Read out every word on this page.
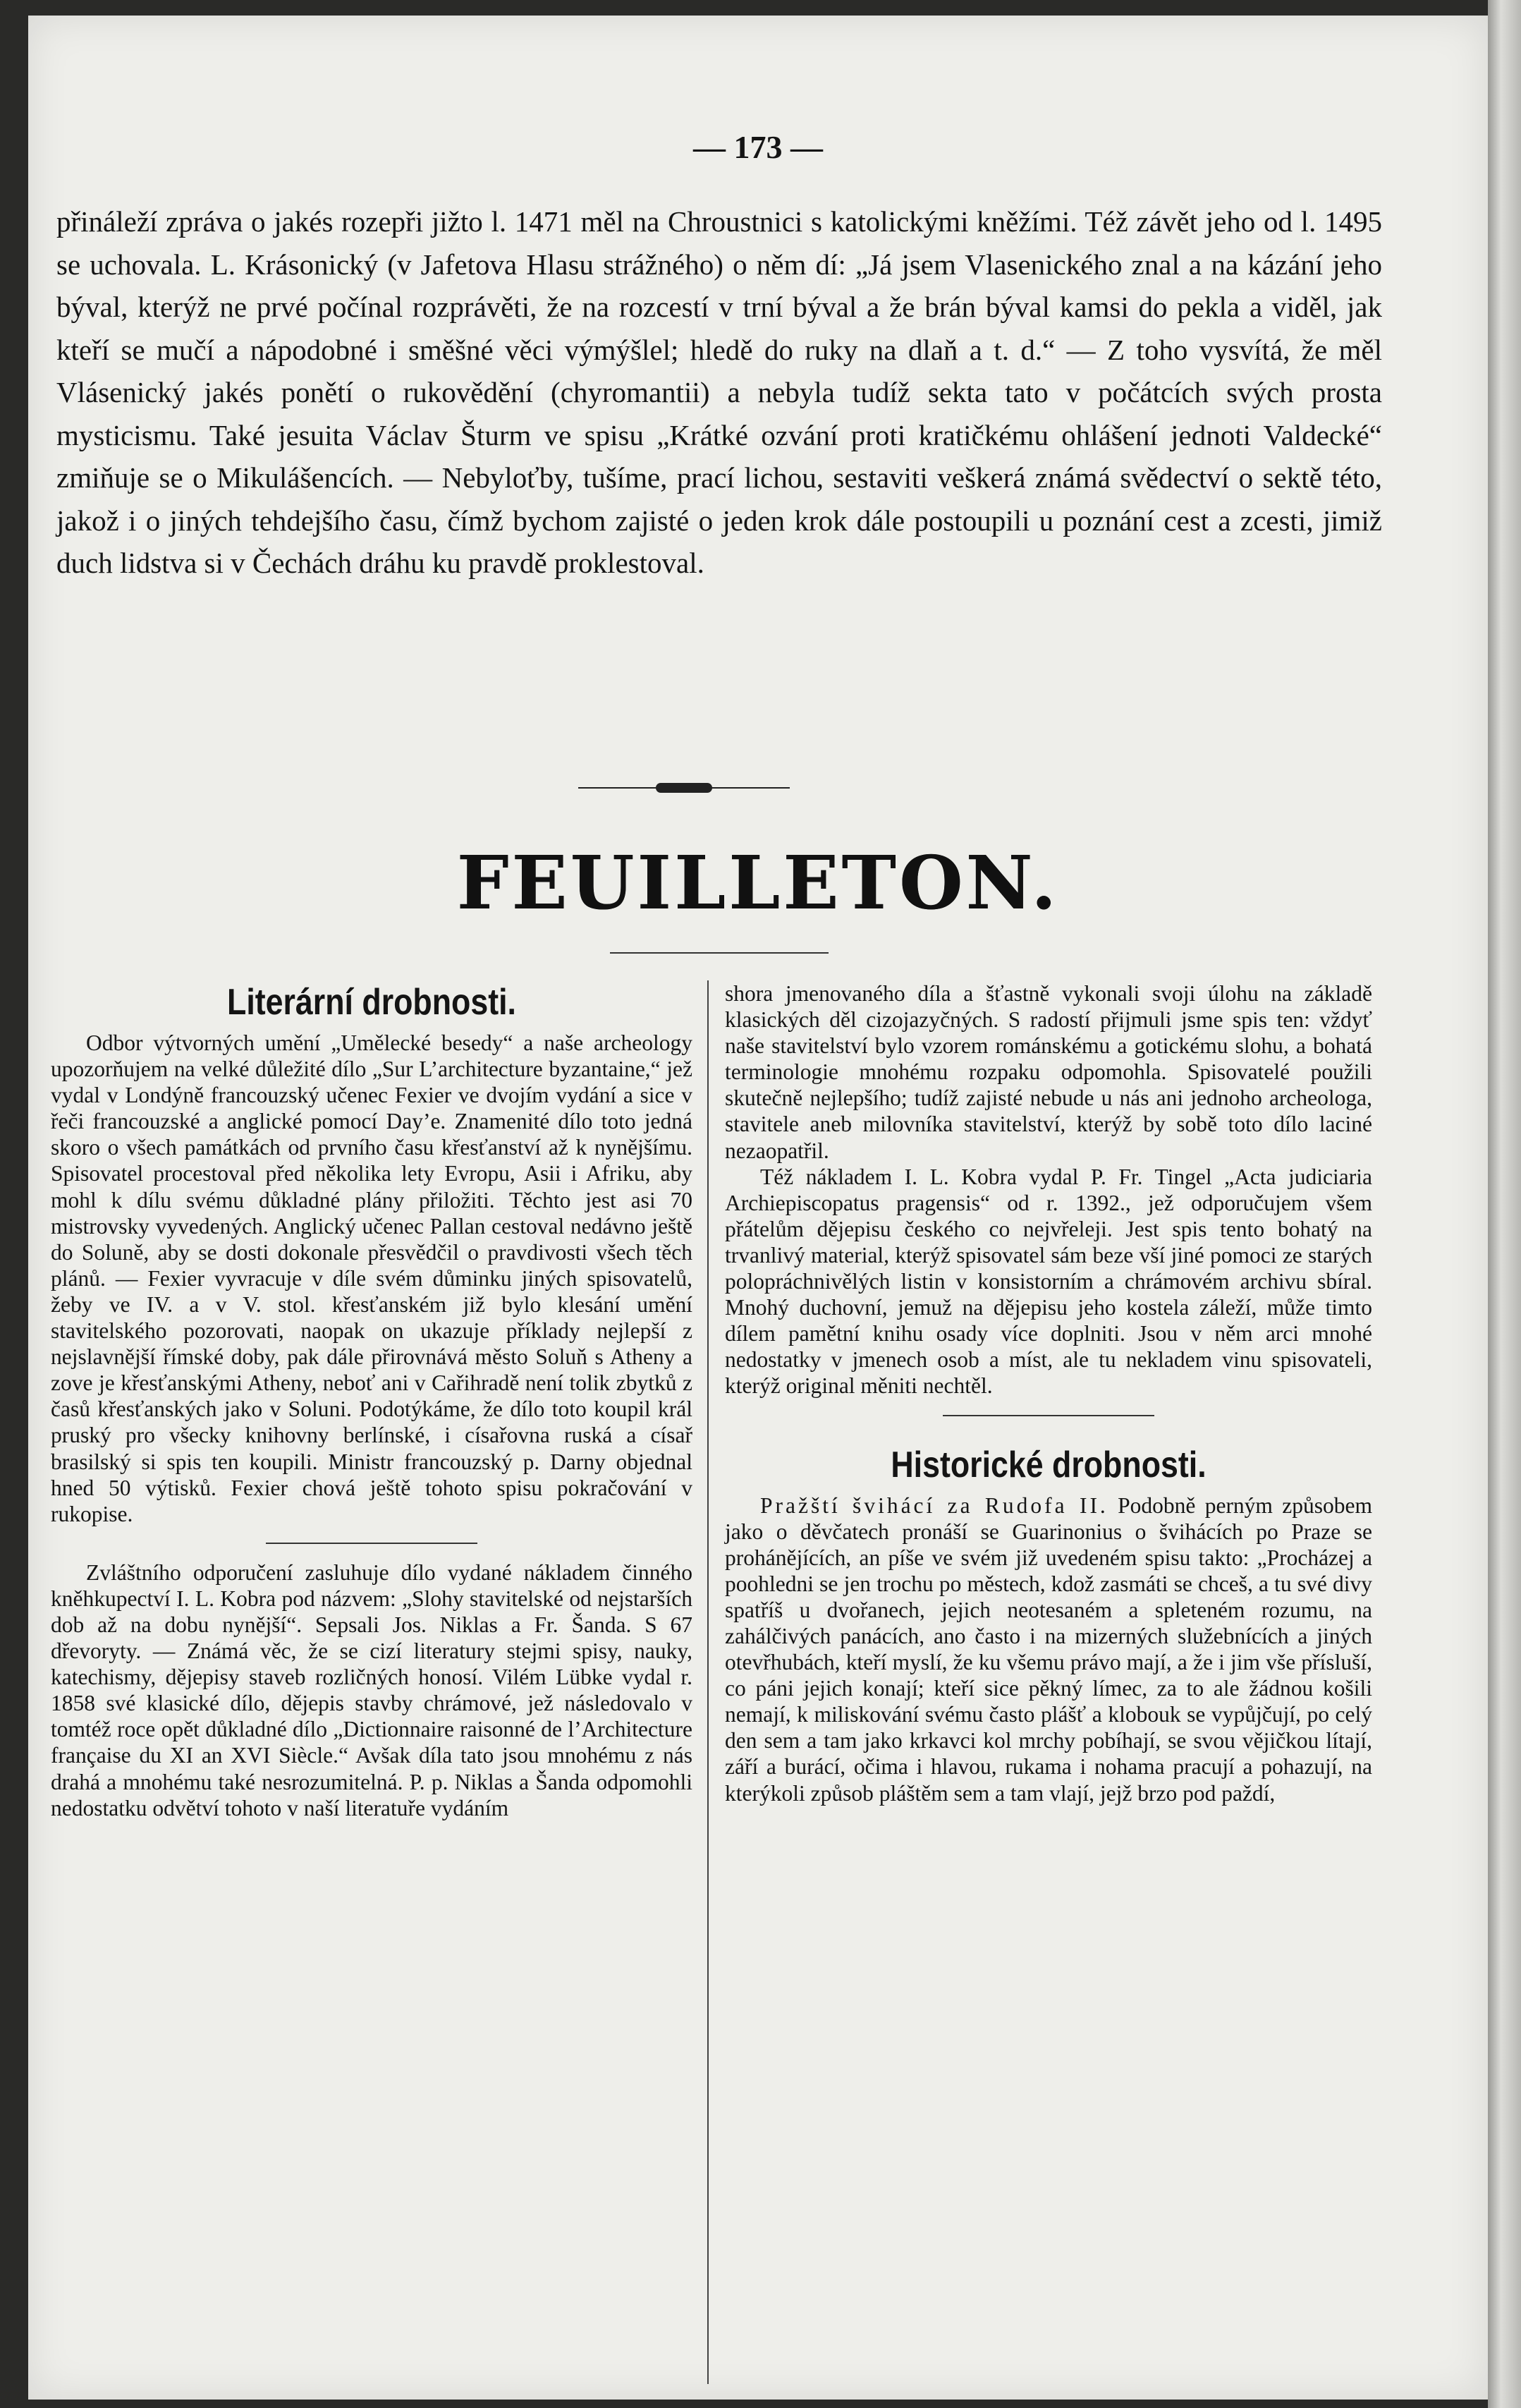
— 173 —

přináleží zpráva o jakés rozepři jižto l. 1471 měl na Chroustnici s katolickými kněžími. Též závět jeho od l. 1495 se uchovala. L. Krásonický (v Jafetova Hlasu strážného) o něm dí: „Já jsem Vlasenického znal a na kázání jeho býval, kterýž ne prvé počínal rozprávěti, že na rozcestí v trní býval a že brán býval kamsi do pekla a viděl, jak kteří se mučí a nápodobné i směšné věci výmýšlel; hledě do ruky na dlaň a t. d.“ — Z toho vysvítá, že měl Vlásenický jakés ponětí o rukovědění (chyromantii) a nebyla tudíž sekta tato v počátcích svých prosta mysticismu. Také jesuita Václav Šturm ve spisu „Krátké ozvání proti kratičkému ohlášení jednoti Valdecké“ zmiňuje se o Mikulášencích. — Nebyloťby, tušíme, prací lichou, sestaviti veškerá známá svědectví o sektě této, jakož i o jiných tehdejšího času, čímž bychom zajisté o jeden krok dále postoupili u poznání cest a zcesti, jimiž duch lidstva si v Čechách dráhu ku pravdě proklestoval.

FEUILLETON.
Literární drobnosti.

Odbor výtvorných umění „Umělecké besedy“ a naše archeology upozorňujem na velké důležité dílo „Sur L’architecture byzantaine,“ jež vydal v Londýně francouzský učenec Fexier ve dvojím vydání a sice v řeči francouzské a anglické pomocí Day’e. Znamenité dílo toto jedná skoro o všech památkách od prvního času křesťanství až k nynějšímu. Spisovatel procestoval před několika lety Evropu, Asii i Afriku, aby mohl k dílu svému důkladné plány přiložiti. Těchto jest asi 70 mistrovsky vyvedených. Anglický učenec Pallan cestoval nedávno ještě do Soluně, aby se dosti dokonale přesvědčil o pravdivosti všech těch plánů. — Fexier vyvracuje v díle svém důminku jiných spisovatelů, žeby ve IV. a v V. stol. křesťanském již bylo klesání umění stavitelského pozorovati, naopak on ukazuje příklady nejlepší z nejslavnější římské doby, pak dále přirovnává město Soluň s Atheny a zove je křesťanskými Atheny, neboť ani v Cařihradě není tolik zbytků z časů křesťanských jako v Soluni. Podotýkáme, že dílo toto koupil král pruský pro všecky knihovny berlínské, i císařovna ruská a císař brasilský si spis ten koupili. Ministr francouzský p. Darny objednal hned 50 výtisků. Fexier chová ještě tohoto spisu pokračování v rukopise.

Zvláštního odporučení zasluhuje dílo vydané nákladem činného kněhkupectví I. L. Kobra pod názvem: „Slohy stavitelské od nejstarších dob až na dobu nynější“. Sepsali Jos. Niklas a Fr. Šanda. S 67 dřevoryty. — Známá věc, že se cizí literatury stejmi spisy, nauky, katechismy, dějepisy staveb rozličných honosí. Vilém Lübke vydal r. 1858 své klasické dílo, dějepis stavby chrámové, jež následovalo v tomtéž roce opět důkladné dílo „Dictionnaire raisonné de l’Architecture française du XI an XVI Siècle.“ Avšak díla tato jsou mnohému z nás drahá a mnohému také nesrozumitelná. P. p. Niklas a Šanda odpomohli nedostatku odvětví tohoto v naší literatuře vydáním

shora jmenovaného díla a šťastně vykonali svoji úlohu na základě klasických děl cizojazyčných. S radostí přijmuli jsme spis ten: vždyť naše stavitelství bylo vzorem románskému a gotickému slohu, a bohatá terminologie mnohému rozpaku odpomohla. Spisovatelé použili skutečně nejlepšího; tudíž zajisté nebude u nás ani jednoho archeologa, stavitele aneb milovníka stavitelství, kterýž by sobě toto dílo laciné nezaopatřil.

Též nákladem I. L. Kobra vydal P. Fr. Tingel „Acta judiciaria Archiepiscopatus pragensis“ od r. 1392., jež odporučujem všem přátelům dějepisu českého co nejvřeleji. Jest spis tento bohatý na trvanlivý material, kterýž spisovatel sám beze vší jiné pomoci ze starých polopráchnivělých listin v konsistorním a chrámovém archivu sbíral. Mnohý duchovní, jemuž na dějepisu jeho kostela záleží, může timto dílem pamětní knihu osady více doplniti. Jsou v něm arci mnohé nedostatky v jmenech osob a míst, ale tu nekladem vinu spisovateli, kterýž original měniti nechtěl.

Historické drobnosti.

Pražští švihácí za Rudofa II. Podobně perným způsobem jako o děvčatech pronáší se Guarinonius o švihácích po Praze se prohánějících, an píše ve svém již uvedeném spisu takto: „Procházej a poohledni se jen trochu po městech, kdož zasmáti se chceš, a tu své divy spatříš u dvořanech, jejich neotesaném a spleteném rozumu, na zahálčivých panácích, ano často i na mizerných služebnících a jiných otevřhubách, kteří myslí, že ku všemu právo mají, a že i jim vše přísluší, co páni jejich konají; kteří sice pěkný límec, za to ale žádnou košili nemají, k miliskování svému často plášť a klobouk se vypůjčují, po celý den sem a tam jako krkavci kol mrchy pobíhají, se svou vějičkou lítají, září a burácí, očima i hlavou, rukama i nohama pracují a pohazují, na kterýkoli způsob pláštěm sem a tam vlají, jejž brzo pod paždí,
